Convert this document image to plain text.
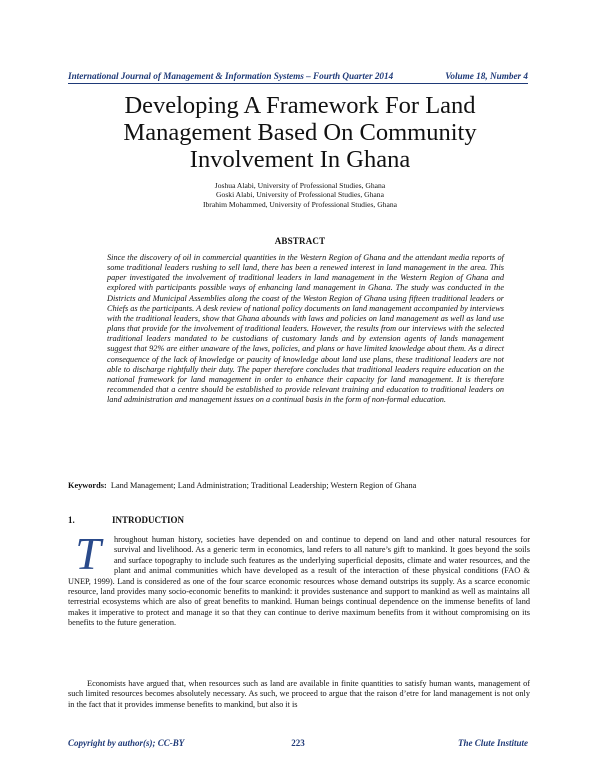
International Journal of Management & Information Systems – Fourth Quarter 2014	Volume 18, Number 4
Developing A Framework For Land
Management Based On Community
Involvement In Ghana
Joshua Alabi, University of Professional Studies, Ghana
Goski Alabi, University of Professional Studies, Ghana
Ibrahim Mohammed, University of Professional Studies, Ghana
ABSTRACT
Since the discovery of oil in commercial quantities in the Western Region of Ghana and the attendant media reports of some traditional leaders rushing to sell land, there has been a renewed interest in land management in the area. This paper investigated the involvement of traditional leaders in land management in the Western Region of Ghana and explored with participants possible ways of enhancing land management in Ghana. The study was conducted in the Districts and Municipal Assemblies along the coast of the Weston Region of Ghana using fifteen traditional leaders or Chiefs as the participants. A desk review of national policy documents on land management accompanied by interviews with the traditional leaders, show that Ghana abounds with laws and policies on land management as well as land use plans that provide for the involvement of traditional leaders. However, the results from our interviews with the selected traditional leaders mandated to be custodians of customary lands and by extension agents of lands management suggest that 92% are either unaware of the laws, policies, and plans or have limited knowledge about them. As a direct consequence of the lack of knowledge or paucity of knowledge about land use plans, these traditional leaders are not able to discharge rightfully their duty. The paper therefore concludes that traditional leaders require education on the national framework for land management in order to enhance their capacity for land management. It is therefore recommended that a centre should be established to provide relevant training and education to traditional leaders on land administration and management issues on a continual basis in the form of non-formal education.
Keywords: Land Management; Land Administration; Traditional Leadership; Western Region of Ghana
1.	INTRODUCTION
T	hroughout human history, societies have depended on and continue to depend on land and other natural resources for survival and livelihood. As a generic term in economics, land refers to all nature’s gift to mankind. It goes beyond the soils and surface topography to include such features as the underlying superficial deposits, climate and water resources, and the plant and animal communities which have developed as a result of the interaction of these physical conditions (FAO & UNEP, 1999). Land is considered as one of the four scarce economic resources whose demand outstrips its supply. As a scarce economic resource, land provides many socio-economic benefits to mankind: it provides sustenance and support to mankind as well as maintains all terrestrial ecosystems which are also of great benefits to mankind. Human beings continual dependence on the immense benefits of land makes it imperative to protect and manage it so that they can continue to derive maximum benefits from it without compromising on its benefits to the future generation.
Economists have argued that, when resources such as land are available in finite quantities to satisfy human wants, management of such limited resources becomes absolutely necessary. As such, we proceed to argue that the raison d’etre for land management is not only in the fact that it provides immense benefits to mankind, but also it is
Copyright by author(s); CC-BY	223	The Clute Institute
